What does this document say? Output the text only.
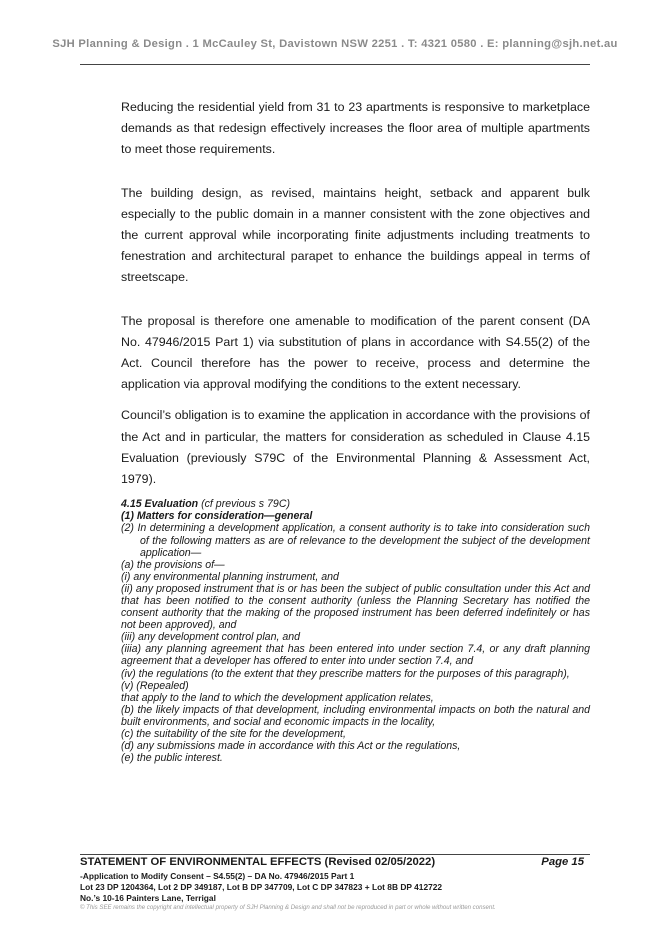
SJH Planning & Design . 1 McCauley St, Davistown NSW 2251 . T: 4321 0580 . E: planning@sjh.net.au

Reducing the residential yield from 31 to 23 apartments is responsive to marketplace demands as that redesign effectively increases the floor area of multiple apartments to meet those requirements.

The building design, as revised, maintains height, setback and apparent bulk especially to the public domain in a manner consistent with the zone objectives and the current approval while incorporating finite adjustments including treatments to fenestration and architectural parapet to enhance the buildings appeal in terms of streetscape.

The proposal is therefore one amenable to modification of the parent consent (DA No. 47946/2015 Part 1) via substitution of plans in accordance with S4.55(2) of the Act. Council therefore has the power to receive, process and determine the application via approval modifying the conditions to the extent necessary.

Council’s obligation is to examine the application in accordance with the provisions of the Act and in particular, the matters for consideration as scheduled in Clause 4.15 Evaluation (previously S79C of the Environmental Planning & Assessment Act, 1979).

4.15 Evaluation (cf previous s 79C)
(1) Matters for consideration—general
(2) In determining a development application, a consent authority is to take into consideration such of the following matters as are of relevance to the development the subject of the development application—
(a) the provisions of—
(i) any environmental planning instrument, and
(ii) any proposed instrument that is or has been the subject of public consultation under this Act and that has been notified to the consent authority (unless the Planning Secretary has notified the consent authority that the making of the proposed instrument has been deferred indefinitely or has not been approved), and
(iii) any development control plan, and
(iiia) any planning agreement that has been entered into under section 7.4, or any draft planning agreement that a developer has offered to enter into under section 7.4, and
(iv) the regulations (to the extent that they prescribe matters for the purposes of this paragraph),
(v) (Repealed)
that apply to the land to which the development application relates,
(b) the likely impacts of that development, including environmental impacts on both the natural and built environments, and social and economic impacts in the locality,
(c) the suitability of the site for the development,
(d) any submissions made in accordance with this Act or the regulations,
(e) the public interest.
STATEMENT OF ENVIRONMENTAL EFFECTS (Revised 02/05/2022)	Page 15
-Application to Modify Consent – S4.55(2) – DA No. 47946/2015 Part 1
Lot 23 DP 1204364, Lot 2 DP 349187, Lot B DP 347709, Lot C DP 347823 + Lot 8B DP 412722
No.’s 10-16 Painters Lane, Terrigal
© This SEE remains the copyright and intellectual property of SJH Planning & Design and shall not be reproduced in part or whole without written consent.
